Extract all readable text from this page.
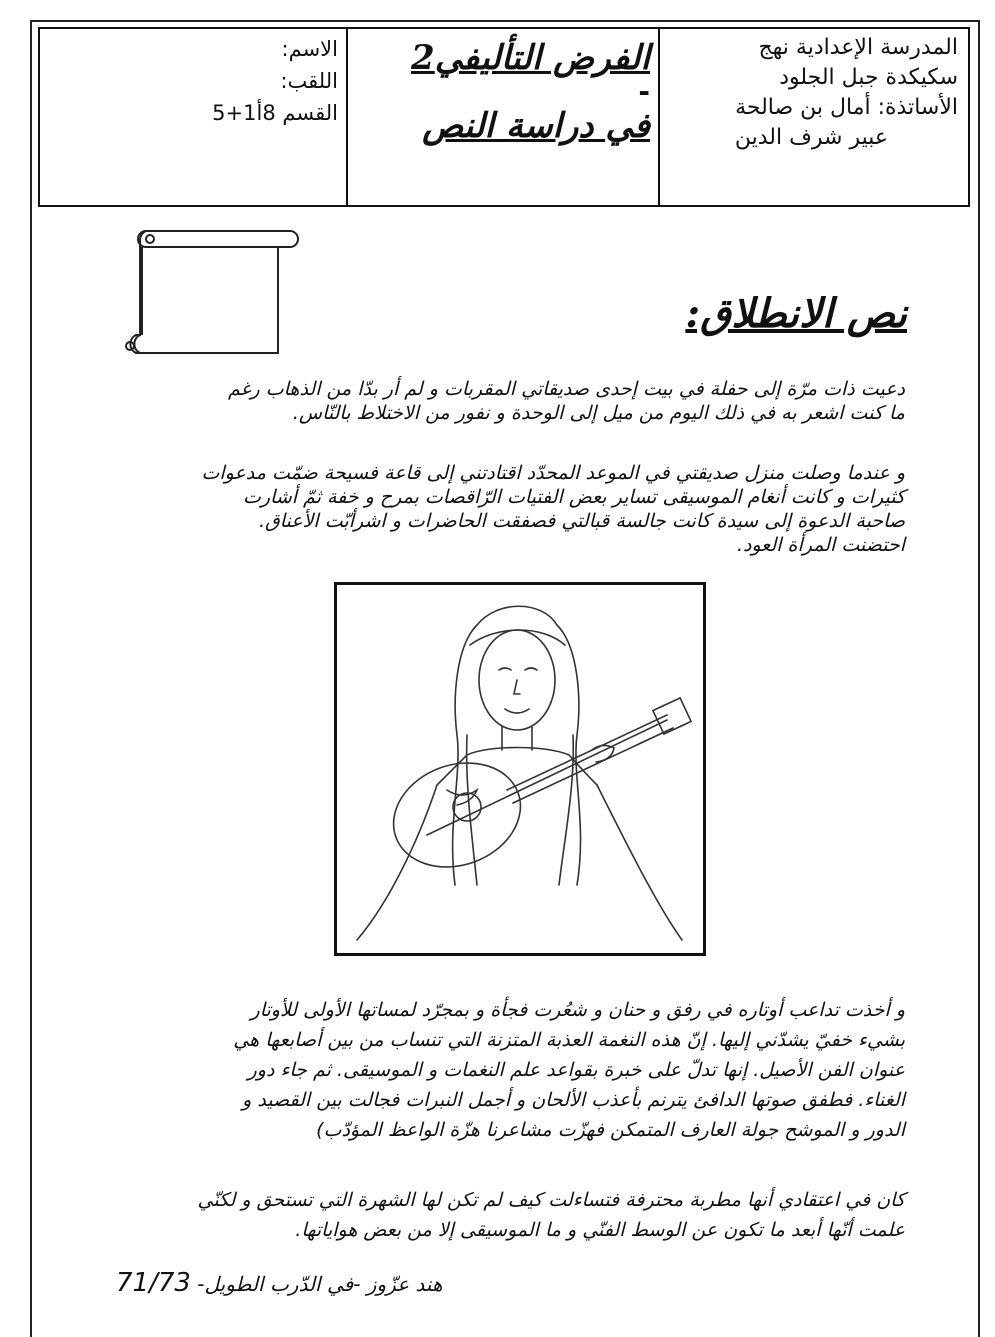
المدرسة الإعدادية نهج
سكيكدة جبل الجلود
الأساتذة: أمال بن صالحة
عبير شرف الدين
الفرض التأليفي2
-
في دراسة النص
الاسم:
اللقب:
القسم 8أ1+5
نص الانطلاق:
دعيت ذات مرّة إلى حفلة في بيت إحدى صديقاتي المقربات و لم أر بدّا من الذهاب رغم
ما كنت اشعر به في ذلك اليوم من ميل إلى الوحدة و نفور من الاختلاط بالنّاس.
و عندما وصلت منزل صديقتي في الموعد المحدّد اقتادتني إلى قاعة فسيحة ضمّت مدعوات
كثيرات و كانت أنغام الموسيقى تساير بعض الفتيات الرّاقصات بمرح و خفة ثمّ أشارت
صاحبة الدعوة إلى سيدة كانت جالسة قبالتي فصفقت الحاضرات و اشرأبّت الأعناق.
احتضنت المرأة العود.
و أخذت تداعب أوتاره في رفق و حنان و شعُرت فجأة و بمجرّد لمساتها الأولى للأوتار
بشيء خفيّ يشدّني إليها. إنّ هذه النغمة العذبة المتزنة التي تنساب من بين أصابعها هي
عنوان الفن الأصيل. إنها تدلّ على خبرة بقواعد علم النغمات و الموسيقى. ثم جاء دور
الغناء. فطفق صوتها الدافئ يترنم بأعذب الألحان و أجمل النبرات فجالت بين القصيد و
الدور و الموشح جولة العارف المتمكن فهزّت مشاعرنا هزّة الواعظ المؤدّب)
كان في اعتقادي أنها مطربة محترفة فتساءلت كيف لم تكن لها الشهرة التي تستحق و لكنّي
علمت أنّها أبعد ما تكون عن الوسط الفنّي و ما الموسيقى إلا من بعض هواياتها.
هند عزّوز -في الدّرب الطويل- 71/73
